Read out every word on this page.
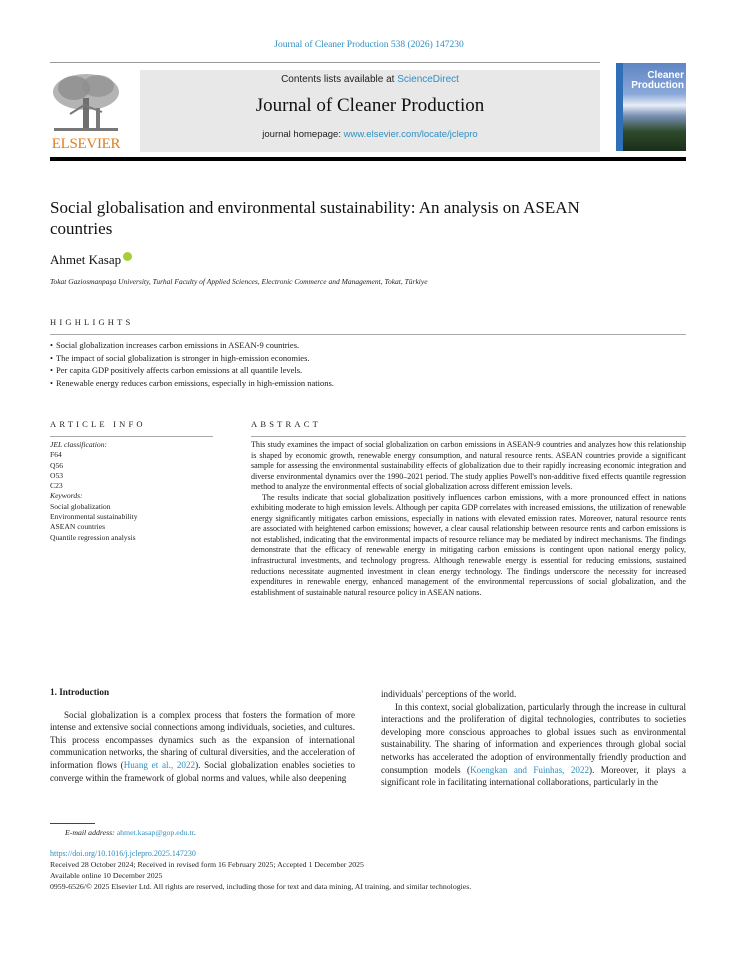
Journal of Cleaner Production 538 (2026) 147230
ELSEVIER
Contents lists available at ScienceDirect
Journal of Cleaner Production
journal homepage: www.elsevier.com/locate/jclepro
Cleaner
Production
Social globalisation and environmental sustainability: An analysis on ASEAN countries
Ahmet Kasap
Tokat Gaziosmanpaşa University, Turhal Faculty of Applied Sciences, Electronic Commerce and Management, Tokat, Türkiye
HIGHLIGHTS
• Social globalization increases carbon emissions in ASEAN-9 countries.
• The impact of social globalization is stronger in high-emission economies.
• Per capita GDP positively affects carbon emissions at all quantile levels.
• Renewable energy reduces carbon emissions, especially in high-emission nations.
ARTICLE INFO
JEL classification:
F64
Q56
O53
C23
Keywords:
Social globalization
Environmental sustainability
ASEAN countries
Quantile regression analysis
ABSTRACT

This study examines the impact of social globalization on carbon emissions in ASEAN-9 countries and analyzes how this relationship is shaped by economic growth, renewable energy consumption, and natural resource rents. ASEAN countries provide a significant sample for assessing the environmental sustainability effects of globalization due to their rapidly increasing economic integration and diverse environmental dynamics over the 1990–2021 period. The study applies Powell's non-additive fixed effects quantile regression method to analyze the environmental effects of social globalization across different emission levels.

The results indicate that social globalization positively influences carbon emissions, with a more pronounced effect in nations exhibiting moderate to high emission levels. Although per capita GDP correlates with increased emissions, the utilization of renewable energy significantly mitigates carbon emissions, especially in nations with elevated emission rates. Moreover, natural resource rents are associated with heightened carbon emissions; however, a clear causal relationship between resource rents and carbon emissions is not established, indicating that the environmental impacts of resource reliance may be mediated by indirect mechanisms. The findings demonstrate that the efficacy of renewable energy in mitigating carbon emissions is contingent upon national energy policy, infrastructural investments, and technology progress. Although renewable energy is essential for reducing emissions, sustained reductions necessitate augmented investment in clean energy technology. The findings underscore the necessity for increased expenditures in renewable energy, enhanced management of the environmental repercussions of social globalization, and the establishment of sustainable natural resource policy in ASEAN nations.

1. Introduction

Social globalization is a complex process that fosters the formation of more intense and extensive social connections among individuals, societies, and cultures. This process encompasses dynamics such as the expansion of international communication networks, the sharing of cultural diversities, and the acceleration of information flows (Huang et al., 2022). Social globalization enables societies to converge within the framework of global norms and values, while also deepening

individuals' perceptions of the world.

In this context, social globalization, particularly through the increase in cultural interactions and the proliferation of digital technologies, contributes to societies developing more conscious approaches to global issues such as environmental sustainability. The sharing of information and experiences through global social networks has accelerated the adoption of environmentally friendly production and consumption models (Koengkan and Fuinhas, 2022). Moreover, it plays a significant role in facilitating international collaborations, particularly in the

E-mail address: ahmet.kasap@gop.edu.tr.
https://doi.org/10.1016/j.jclepro.2025.147230
Received 28 October 2024; Received in revised form 16 February 2025; Accepted 1 December 2025
Available online 10 December 2025
0959-6526/© 2025 Elsevier Ltd. All rights are reserved, including those for text and data mining, AI training, and similar technologies.
